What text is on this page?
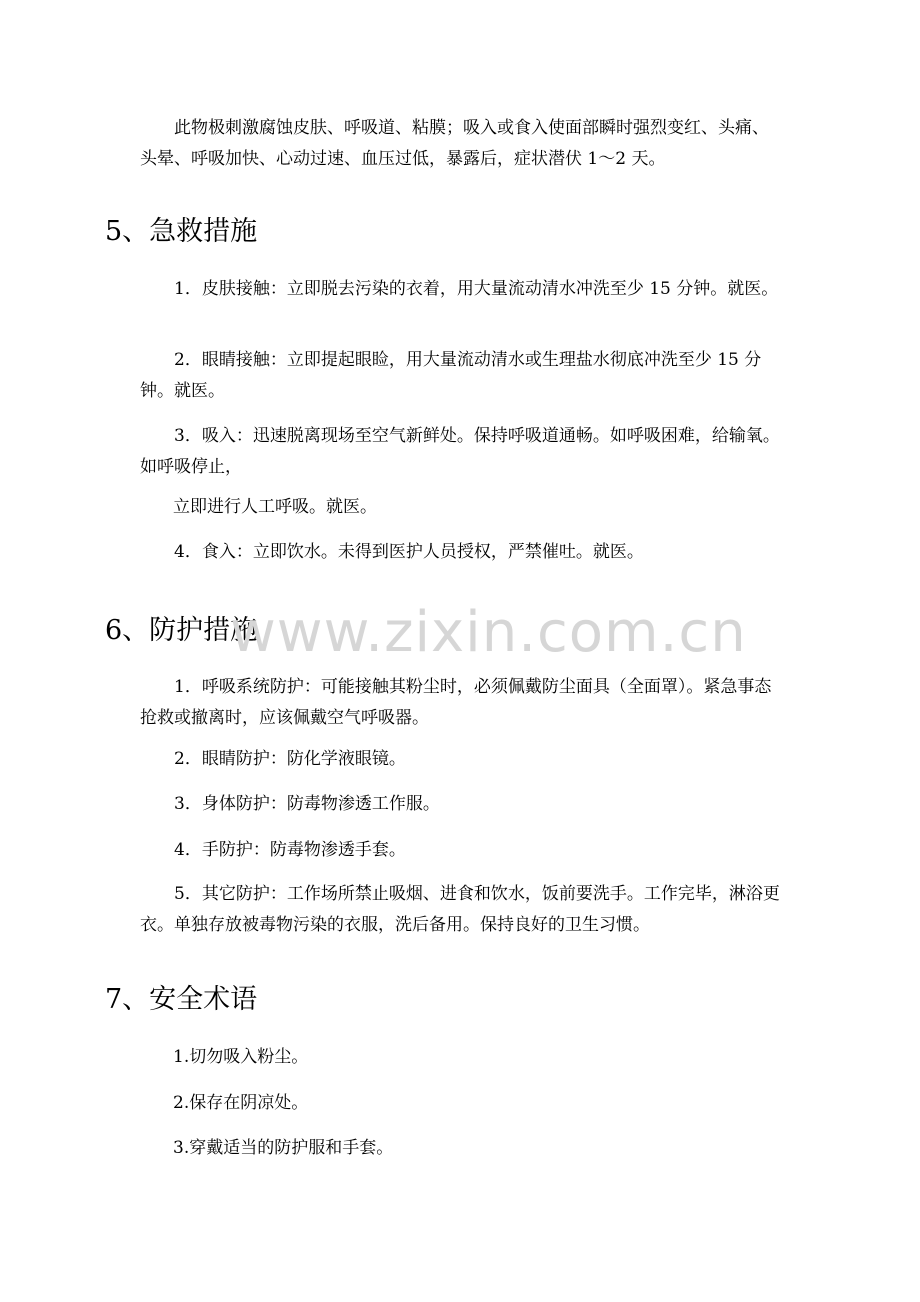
此物极刺激腐蚀皮肤、呼吸道、粘膜；吸入或食入使面部瞬时强烈变红、头痛、头晕、呼吸加快、心动过速、血压过低，暴露后，症状潜伏 1～2 天。

5、急救措施

1．皮肤接触：立即脱去污染的衣着，用大量流动清水冲洗至少 15 分钟。就医。

2．眼睛接触：立即提起眼睑，用大量流动清水或生理盐水彻底冲洗至少 15 分钟。就医。

3．吸入：迅速脱离现场至空气新鲜处。保持呼吸道通畅。如呼吸困难，给输氧。如呼吸停止，

立即进行人工呼吸。就医。

4．食入：立即饮水。未得到医护人员授权，严禁催吐。就医。

6、防护措施

1．呼吸系统防护：可能接触其粉尘时，必须佩戴防尘面具（全面罩）。紧急事态抢救或撤离时，应该佩戴空气呼吸器。

2．眼睛防护：防化学液眼镜。

3．身体防护：防毒物渗透工作服。

4．手防护：防毒物渗透手套。

5．其它防护：工作场所禁止吸烟、进食和饮水，饭前要洗手。工作完毕，淋浴更衣。单独存放被毒物污染的衣服，洗后备用。保持良好的卫生习惯。

7、安全术语

1.切勿吸入粉尘。

2.保存在阴凉处。

3.穿戴适当的防护服和手套。

www.zixin.com.cn
